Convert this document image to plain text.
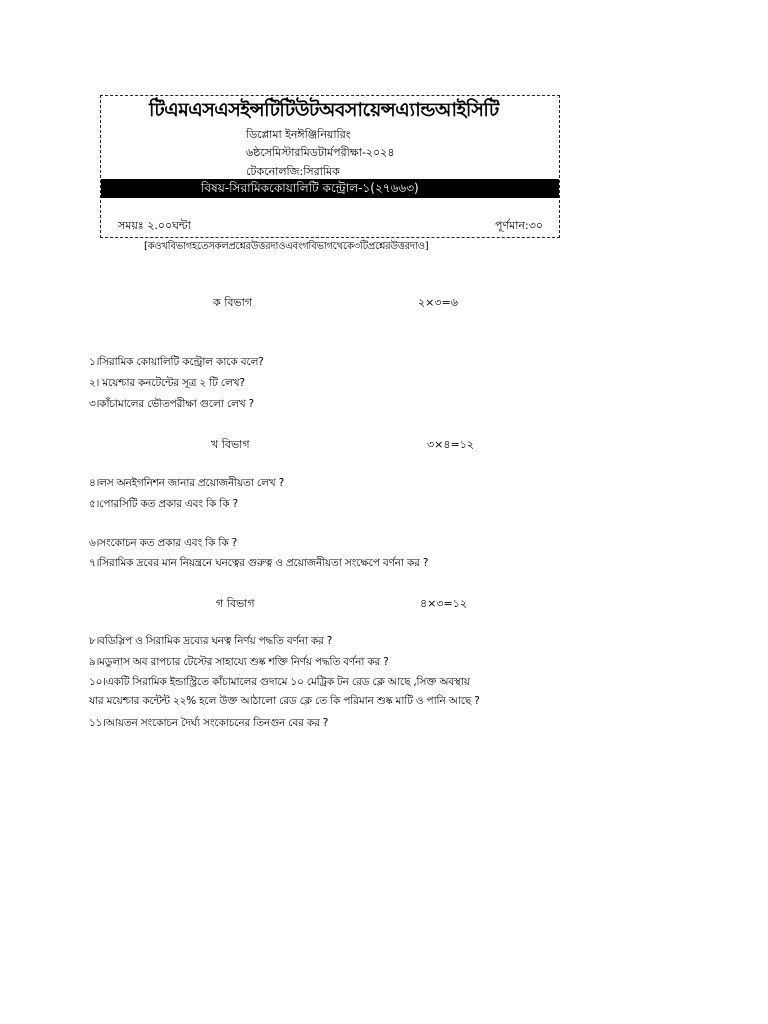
টিএমএসএসইন্সটিটিউটঅবসায়েন্সএ্যান্ডআইসিটি
ডিপ্লোমা ইনঈঞ্জিনিয়ারিং
৬ষ্ঠসেমিস্টারমিডটার্মপরীক্ষা-২০২৪
টেকনোলজি:সিরামিক
বিষয়-সিরামিককোয়ালিটি কন্ট্রোল-১(২৭৬৬৩)
সময়ঃ ২.০০ঘন্টা	পূর্ণমান:৩০
[কওখবিভাগহতেসকলপ্রশ্নেরউত্তরদাওএবংগবিভাগথেকে৩টিপ্রশ্নেরউত্তরদাও]
ক বিভাগ	২×৩=৬
১।সিরামিক কোয়ালিটি কন্ট্রোল কাকে বলে?
২। ময়েশ্চার কনটেন্টের সূত্র ২ টি লেখ?
৩।কাঁচামালের ভৌতপরীক্ষা গুলো লেখ ?
খ বিভাগ	৩×৪=১২
৪।লস অনইগনিশন জানার প্রয়োজনীয়তা লেখ ?
৫।পোরসিটি কত প্রকার এবং কি কি ?
৬।সংকোচন কত প্রকার এবং কি কি ?
৭।সিরামিক দ্রবের মান নিয়ন্ত্রনে ঘনত্বের গুরুত্ব ও প্রয়োজনীয়তা সংক্ষেপে বর্ণনা কর ?
গ বিভাগ	৪×৩=১২
৮।বডিস্লিপ ও সিরামিক দ্রব্যের ঘনত্ব নির্ণয় পদ্ধতি বর্ণনা কর ?
৯।মডুলাস অব রাপচার টেস্টের সাহায্যে শুষ্ক শক্তি নির্ণয় পদ্ধতি বর্ণনা কর ?
১০।একটি সিরামিক ইন্ডাস্ট্রিতে কাঁচামালের গুদামে ১০ মেট্রিক টন রেড ক্লে আছে ,সিক্ত অবস্থায়
যার ময়েশ্চার কন্টেন্ট ২২% হলে উক্ত আঠালো রেড ক্লে তে কি পরিমান শুষ্ক মাটি ও পানি আছে ?
১১।আয়তন সংকোচন দৈর্ঘ্য সংকোচনের তিনগুন বের কর ?
